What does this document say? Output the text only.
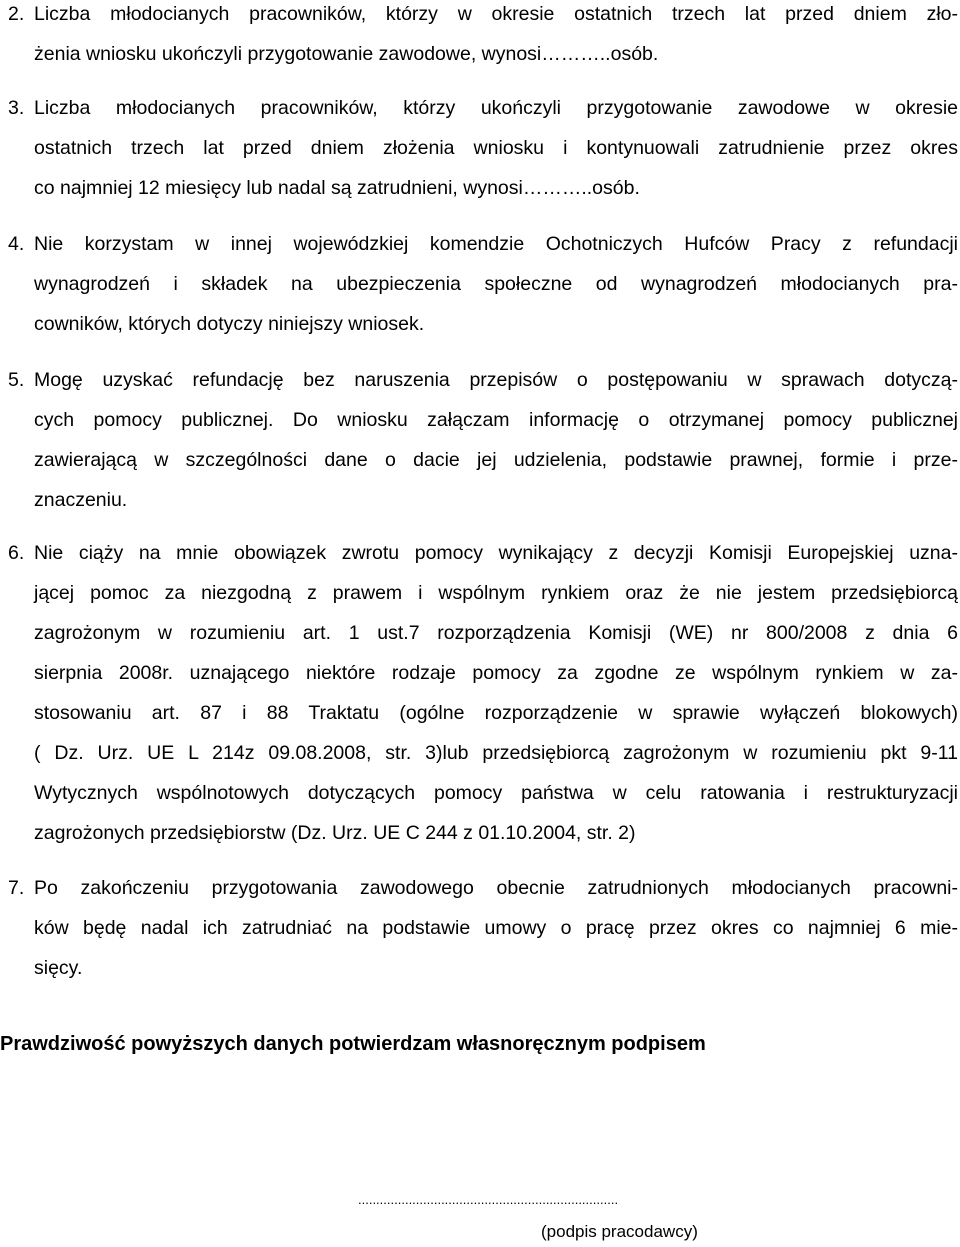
2. Liczba młodocianych pracowników, którzy w okresie ostatnich trzech lat przed dniem zło-
żenia wniosku ukończyli przygotowanie zawodowe, wynosi………..osób.
3. Liczba młodocianych pracowników, którzy ukończyli przygotowanie zawodowe w okresie
ostatnich trzech lat przed dniem złożenia wniosku i kontynuowali zatrudnienie przez okres
co najmniej 12 miesięcy lub nadal są zatrudnieni, wynosi………..osób.
4. Nie korzystam w innej wojewódzkiej komendzie Ochotniczych Hufców Pracy z refundacji
wynagrodzeń i składek na ubezpieczenia społeczne od wynagrodzeń młodocianych pra-
cowników, których dotyczy niniejszy wniosek.
5. Mogę uzyskać refundację bez naruszenia przepisów o postępowaniu w sprawach dotyczą-
cych pomocy publicznej. Do wniosku załączam informację o otrzymanej pomocy publicznej
zawierającą w szczególności dane o dacie jej udzielenia, podstawie prawnej, formie i prze-
znaczeniu.
6. Nie ciąży na mnie obowiązek zwrotu pomocy wynikający z decyzji Komisji Europejskiej uzna-
jącej pomoc za niezgodną z prawem i wspólnym rynkiem oraz że nie jestem przedsiębiorcą
zagrożonym w rozumieniu art. 1 ust.7 rozporządzenia Komisji (WE) nr 800/2008 z dnia 6
sierpnia 2008r. uznającego niektóre rodzaje pomocy za zgodne ze wspólnym rynkiem w za-
stosowaniu art. 87 i 88 Traktatu (ogólne rozporządzenie w sprawie wyłączeń blokowych)
( Dz. Urz. UE L 214z 09.08.2008, str. 3)lub przedsiębiorcą zagrożonym w rozumieniu pkt 9-11
Wytycznych wspólnotowych dotyczących pomocy państwa w celu ratowania i restrukturyzacji
zagrożonych przedsiębiorstw (Dz. Urz. UE C 244 z 01.10.2004, str. 2)
7. Po zakończeniu przygotowania zawodowego obecnie zatrudnionych młodocianych pracowni-
ków będę nadal ich zatrudniać na podstawie umowy o pracę przez okres co najmniej 6 mie-
sięcy.
Prawdziwość powyższych danych potwierdzam własnoręcznym podpisem
........................................................................
(podpis pracodawcy)
